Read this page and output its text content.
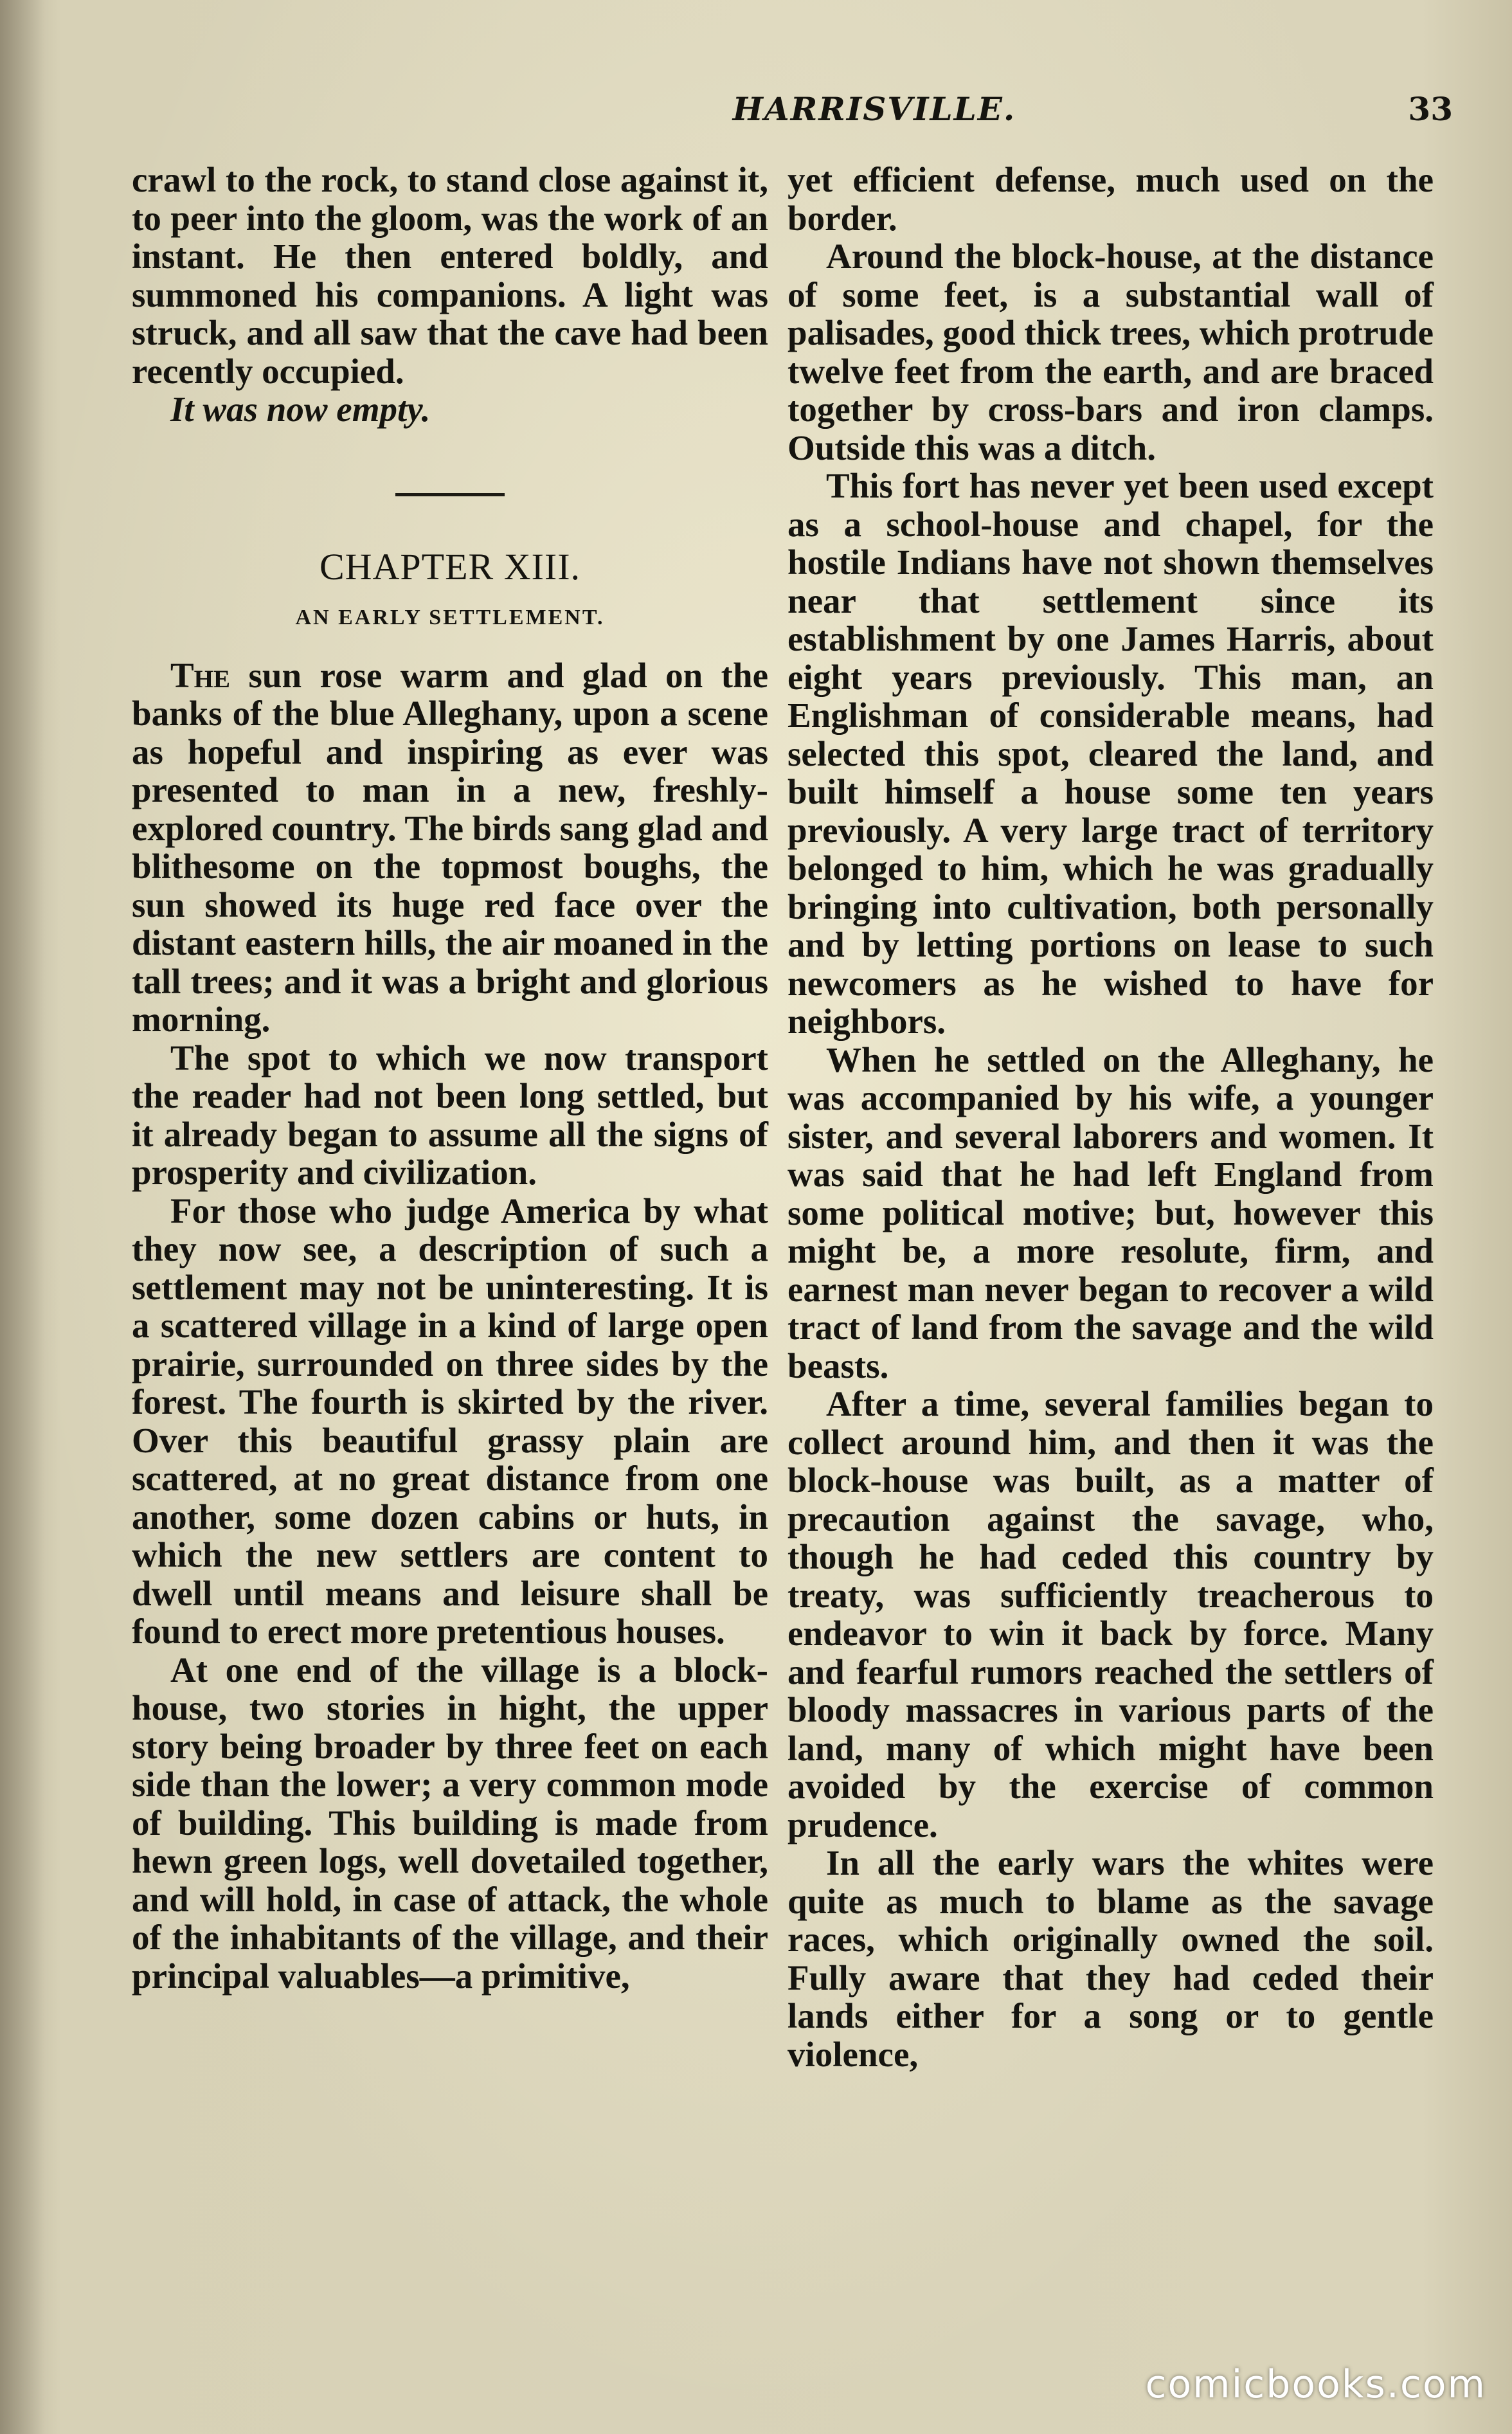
HARRISVILLE.	33

crawl to the rock, to stand close against it, to peer into the gloom, was the work of an instant. He then entered boldly, and summoned his companions. A light was struck, and all saw that the cave had been recently occupied.

It was now empty.

CHAPTER XIII.
AN EARLY SETTLEMENT.

The sun rose warm and glad on the banks of the blue Alleghany, upon a scene as hopeful and inspiring as ever was presented to man in a new, freshly-explored country. The birds sang glad and blithesome on the topmost boughs, the sun showed its huge red face over the distant eastern hills, the air moaned in the tall trees; and it was a bright and glorious morning.

The spot to which we now transport the reader had not been long settled, but it already began to assume all the signs of prosperity and civilization.

For those who judge America by what they now see, a description of such a settlement may not be uninteresting. It is a scattered village in a kind of large open prairie, surrounded on three sides by the forest. The fourth is skirted by the river. Over this beautiful grassy plain are scattered, at no great distance from one another, some dozen cabins or huts, in which the new settlers are content to dwell until means and leisure shall be found to erect more pretentious houses.

At one end of the village is a block-house, two stories in hight, the upper story being broader by three feet on each side than the lower; a very common mode of building. This building is made from hewn green logs, well dovetailed together, and will hold, in case of attack, the whole of the inhabitants of the village, and their principal valuables—a primitive,

yet efficient defense, much used on the border.

Around the block-house, at the distance of some feet, is a substantial wall of palisades, good thick trees, which protrude twelve feet from the earth, and are braced together by cross-bars and iron clamps. Outside this was a ditch.

This fort has never yet been used except as a school-house and chapel, for the hostile Indians have not shown themselves near that settlement since its establishment by one James Harris, about eight years previously. This man, an Englishman of considerable means, had selected this spot, cleared the land, and built himself a house some ten years previously. A very large tract of territory belonged to him, which he was gradually bringing into cultivation, both personally and by letting portions on lease to such newcomers as he wished to have for neighbors.

When he settled on the Alleghany, he was accompanied by his wife, a younger sister, and several laborers and women. It was said that he had left England from some political motive; but, however this might be, a more resolute, firm, and earnest man never began to recover a wild tract of land from the savage and the wild beasts.

After a time, several families began to collect around him, and then it was the block-house was built, as a matter of precaution against the savage, who, though he had ceded this country by treaty, was sufficiently treacherous to endeavor to win it back by force. Many and fearful rumors reached the settlers of bloody massacres in various parts of the land, many of which might have been avoided by the exercise of common prudence.

In all the early wars the whites were quite as much to blame as the savage races, which originally owned the soil. Fully aware that they had ceded their lands either for a song or to gentle violence,

comicbooks.com
